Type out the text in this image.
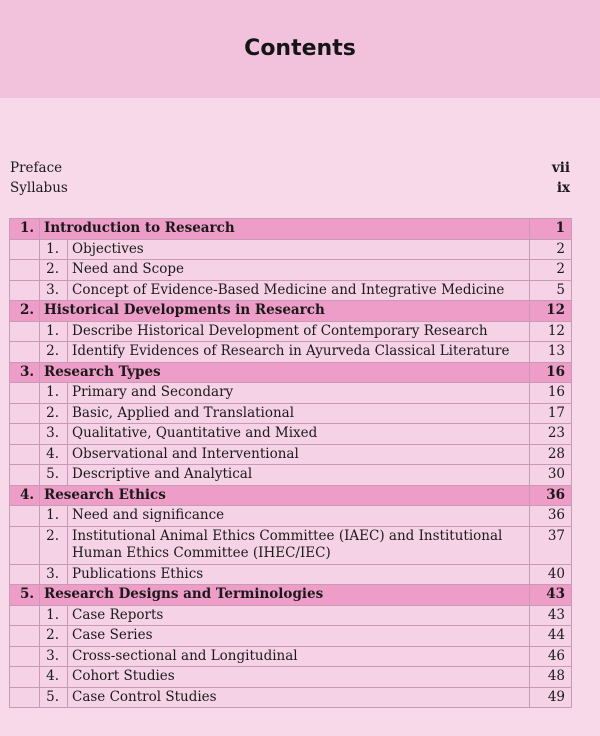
Contents
Preface	vii
Syllabus	ix
1.	Introduction to Research		1
	1.	Objectives	2
	2.	Need and Scope	2
	3.	Concept of Evidence-Based Medicine and Integrative Medicine	5
2.	Historical Developments in Research		12
	1.	Describe Historical Development of Contemporary Research	12
	2.	Identify Evidences of Research in Ayurveda Classical Literature	13
3.	Research Types		16
	1.	Primary and Secondary	16
	2.	Basic, Applied and Translational	17
	3.	Qualitative, Quantitative and Mixed	23
	4.	Observational and Interventional	28
	5.	Descriptive and Analytical	30
4.	Research Ethics		36
	1.	Need and significance	36
	2.	Institutional Animal Ethics Committee (IAEC) and Institutional Human Ethics Committee (IHEC/IEC)	37
	3.	Publications Ethics	40
5.	Research Designs and Terminologies		43
	1.	Case Reports	43
	2.	Case Series	44
	3.	Cross-sectional and Longitudinal	46
	4.	Cohort Studies	48
	5.	Case Control Studies	49
